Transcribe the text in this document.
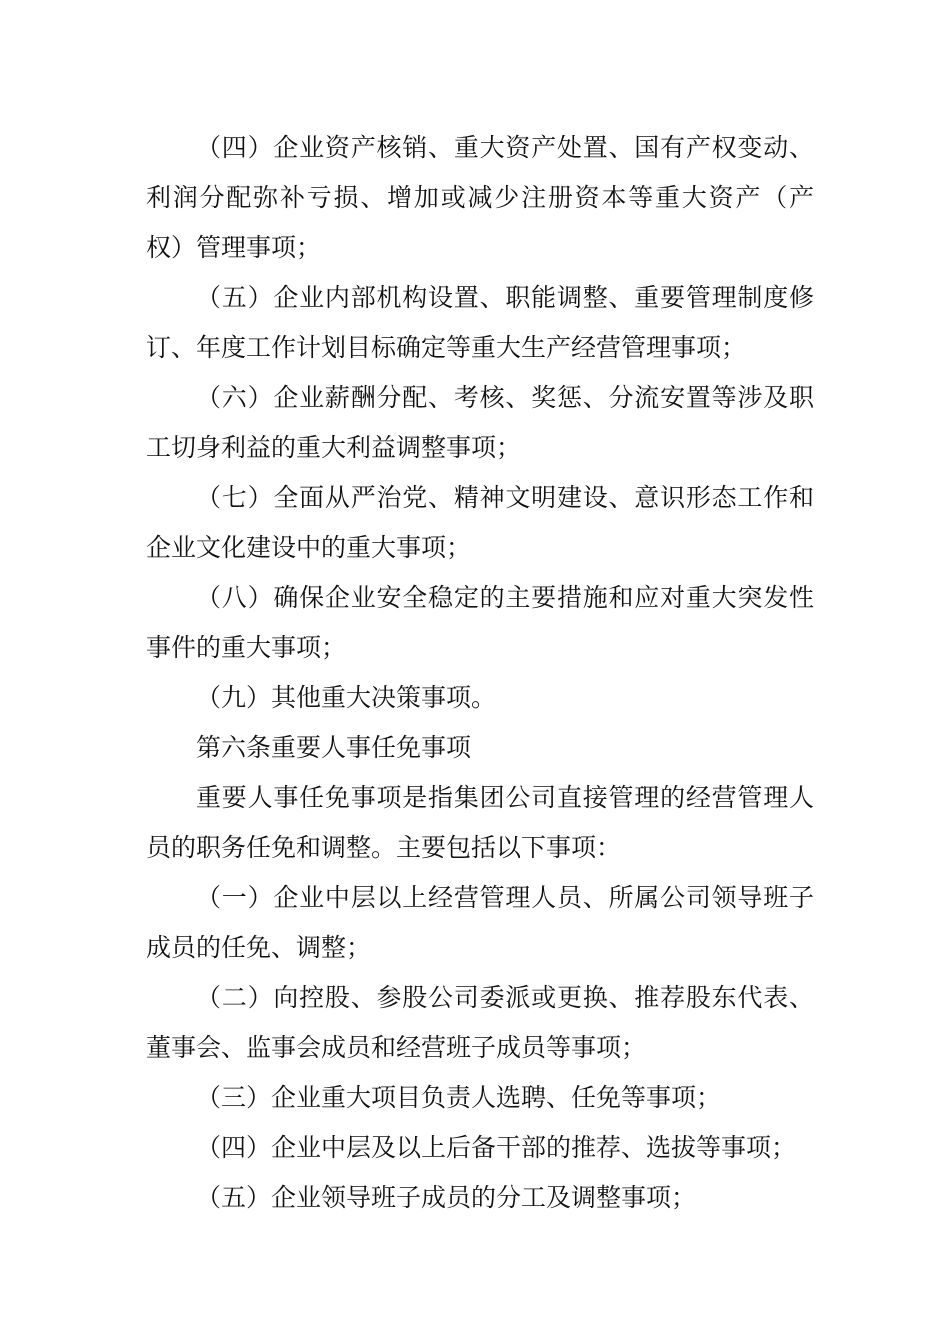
（四）企业资产核销、重大资产处置、国有产权变动、
利润分配弥补亏损、增加或减少注册资本等重大资产（产
权）管理事项；
（五）企业内部机构设置、职能调整、重要管理制度修
订、年度工作计划目标确定等重大生产经营管理事项；
（六）企业薪酬分配、考核、奖惩、分流安置等涉及职
工切身利益的重大利益调整事项；
（七）全面从严治党、精神文明建设、意识形态工作和
企业文化建设中的重大事项；
（八）确保企业安全稳定的主要措施和应对重大突发性
事件的重大事项；
（九）其他重大决策事项。
第六条重要人事任免事项
重要人事任免事项是指集团公司直接管理的经营管理人
员的职务任免和调整。主要包括以下事项：
（一）企业中层以上经营管理人员、所属公司领导班子
成员的任免、调整；
（二）向控股、参股公司委派或更换、推荐股东代表、
董事会、监事会成员和经营班子成员等事项；
（三）企业重大项目负责人选聘、任免等事项；
（四）企业中层及以上后备干部的推荐、选拔等事项；
（五）企业领导班子成员的分工及调整事项；
